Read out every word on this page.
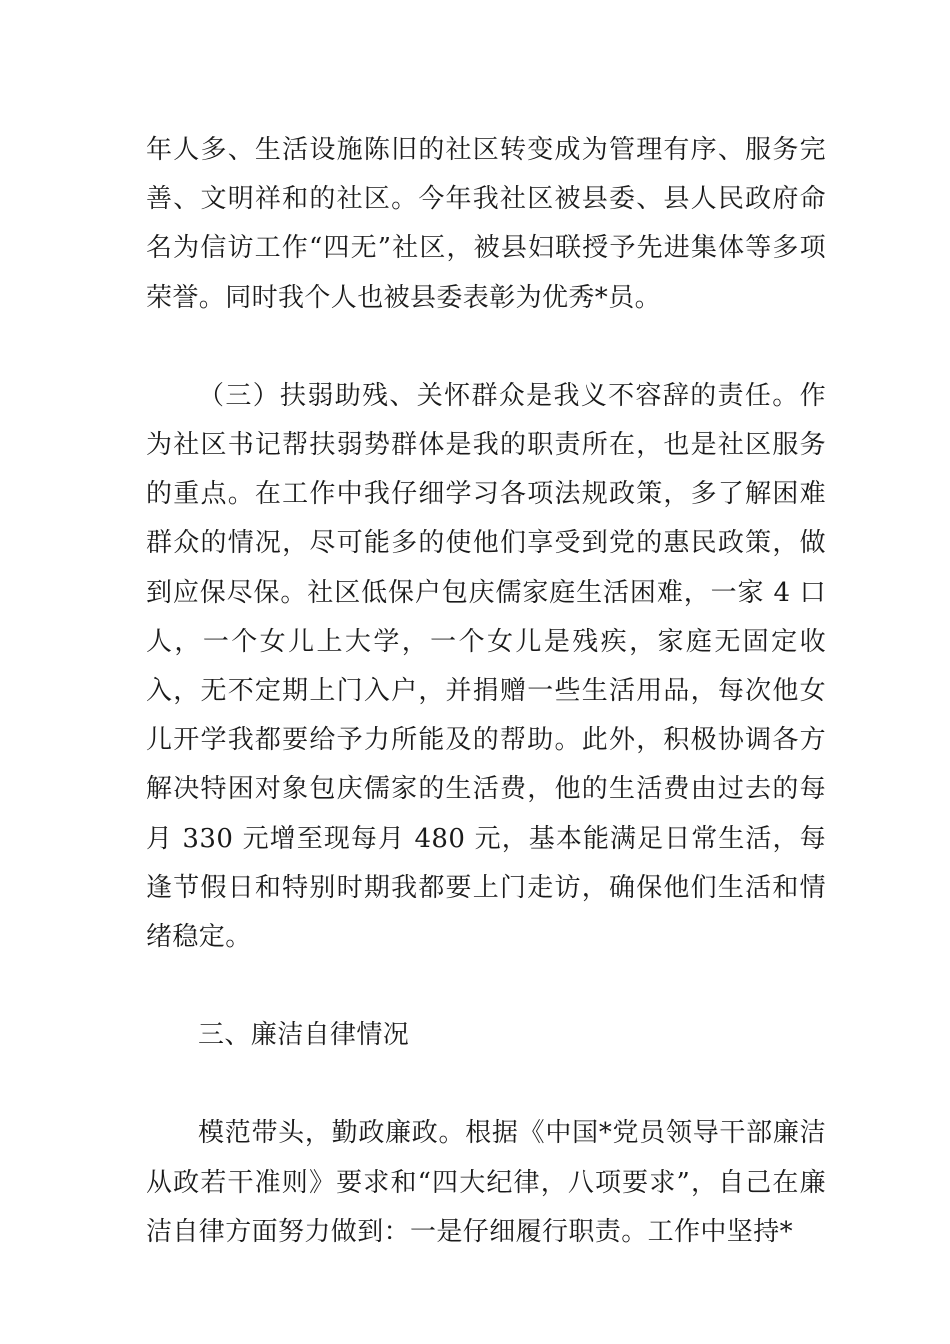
年人多、生活设施陈旧的社区转变成为管理有序、服务完善、文明祥和的社区。今年我社区被县委、县人民政府命名为信访工作“四无”社区，被县妇联授予先进集体等多项荣誉。同时我个人也被县委表彰为优秀*员。

（三）扶弱助残、关怀群众是我义不容辞的责任。作为社区书记帮扶弱势群体是我的职责所在，也是社区服务的重点。在工作中我仔细学习各项法规政策，多了解困难群众的情况，尽可能多的使他们享受到党的惠民政策，做到应保尽保。社区低保户包庆儒家庭生活困难，一家 4 口人，一个女儿上大学，一个女儿是残疾，家庭无固定收入，无不定期上门入户，并捐赠一些生活用品，每次他女儿开学我都要给予力所能及的帮助。此外，积极协调各方解决特困对象包庆儒家的生活费，他的生活费由过去的每月 330 元增至现每月 480 元，基本能满足日常生活，每逢节假日和特别时期我都要上门走访，确保他们生活和情绪稳定。

三、廉洁自律情况

模范带头，勤政廉政。根据《中国*党员领导干部廉洁从政若干准则》要求和“四大纪律，八项要求”，自己在廉洁自律方面努力做到：一是仔细履行职责。工作中坚持*
